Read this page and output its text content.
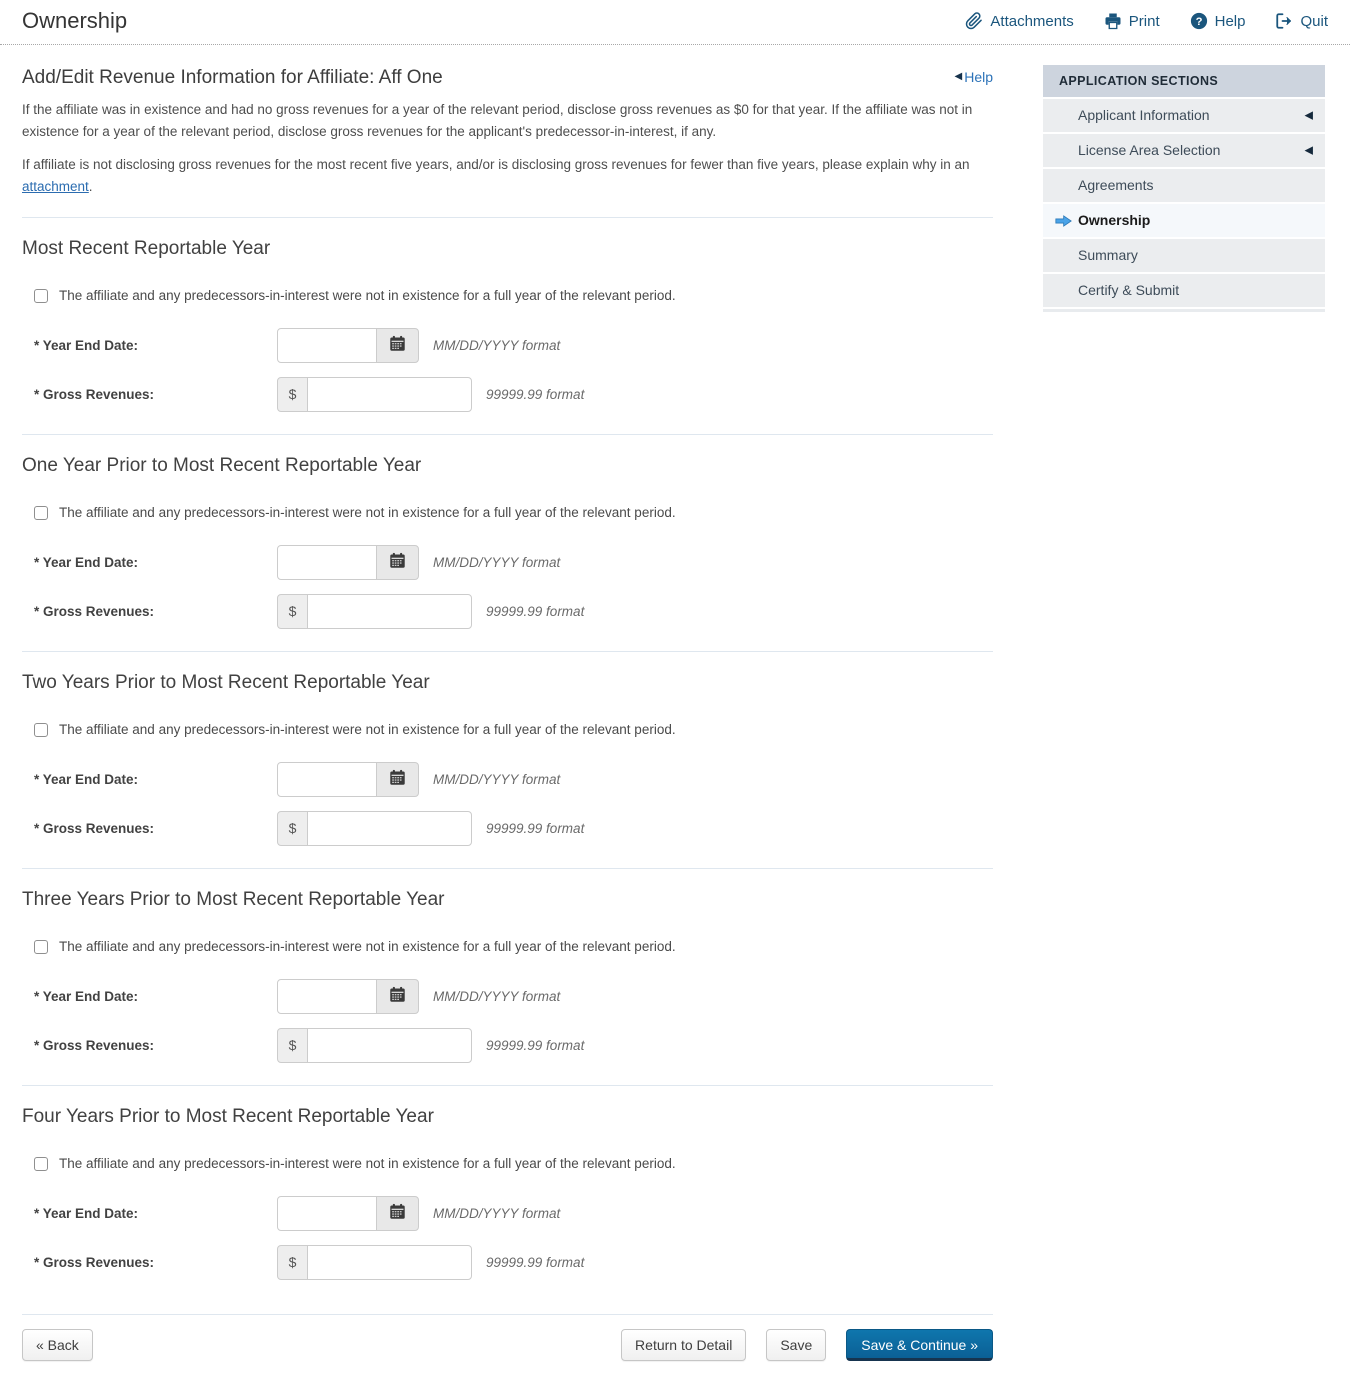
Ownership	Attachments	Print	? Help	Quit
Add/Edit Revenue Information for Affiliate: Aff One	◀ Help

If the affiliate was in existence and had no gross revenues for a year of the relevant period, disclose gross revenues as $0 for that year. If the affiliate was not in existence for a year of the relevant period, disclose gross revenues for the applicant's predecessor-in-interest, if any.

If affiliate is not disclosing gross revenues for the most recent five years, and/or is disclosing gross revenues for fewer than five years, please explain why in an attachment.

Most Recent Reportable Year
The affiliate and any predecessors-in-interest were not in existence for a full year of the relevant period.
* Year End Date:	MM/DD/YYYY format
* Gross Revenues:	$	99999.99 format
One Year Prior to Most Recent Reportable Year
The affiliate and any predecessors-in-interest were not in existence for a full year of the relevant period.
* Year End Date:	MM/DD/YYYY format
* Gross Revenues:	$	99999.99 format
Two Years Prior to Most Recent Reportable Year
The affiliate and any predecessors-in-interest were not in existence for a full year of the relevant period.
* Year End Date:	MM/DD/YYYY format
* Gross Revenues:	$	99999.99 format
Three Years Prior to Most Recent Reportable Year
The affiliate and any predecessors-in-interest were not in existence for a full year of the relevant period.
* Year End Date:	MM/DD/YYYY format
* Gross Revenues:	$	99999.99 format
Four Years Prior to Most Recent Reportable Year
The affiliate and any predecessors-in-interest were not in existence for a full year of the relevant period.
* Year End Date:	MM/DD/YYYY format
* Gross Revenues:	$	99999.99 format
« Back	Return to Detail	Save	Save & Continue »
APPLICATION SECTIONS
Applicant Information	◀
License Area Selection	◀
Agreements
Ownership
Summary
Certify & Submit
